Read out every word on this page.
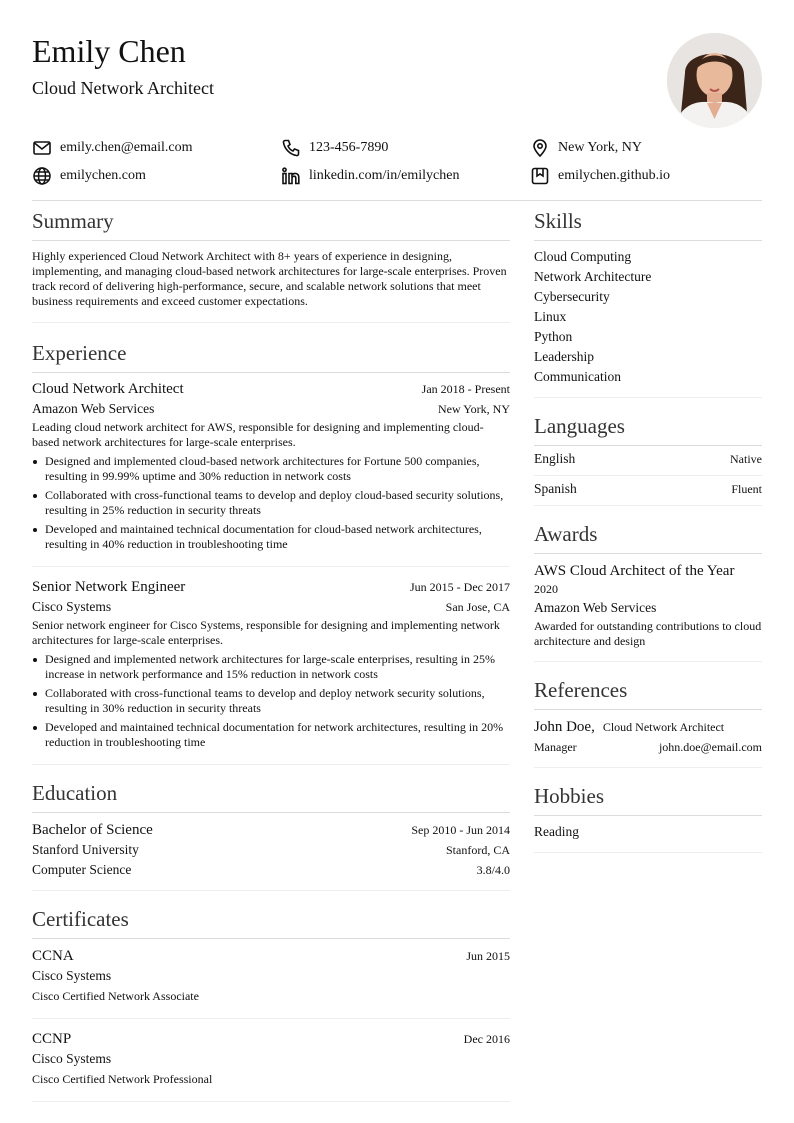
Emily Chen
Cloud Network Architect
emily.chen@email.com	123-456-7890	New York, NY
emilychen.com	linkedin.com/in/emilychen	emilychen.github.io
Summary
Highly experienced Cloud Network Architect with 8+ years of experience in designing, implementing, and managing cloud-based network architectures for large-scale enterprises. Proven track record of delivering high-performance, secure, and scalable network solutions that meet business requirements and exceed customer expectations.
Experience
Cloud Network Architect	Jan 2018 - Present
Amazon Web Services	New York, NY
Leading cloud network architect for AWS, responsible for designing and implementing cloud-based network architectures for large-scale enterprises.
Designed and implemented cloud-based network architectures for Fortune 500 companies, resulting in 99.99% uptime and 30% reduction in network costs
Collaborated with cross-functional teams to develop and deploy cloud-based security solutions, resulting in 25% reduction in security threats
Developed and maintained technical documentation for cloud-based network architectures, resulting in 40% reduction in troubleshooting time
Senior Network Engineer	Jun 2015 - Dec 2017
Cisco Systems	San Jose, CA
Senior network engineer for Cisco Systems, responsible for designing and implementing network architectures for large-scale enterprises.
Designed and implemented network architectures for large-scale enterprises, resulting in 25% increase in network performance and 15% reduction in network costs
Collaborated with cross-functional teams to develop and deploy network security solutions, resulting in 30% reduction in security threats
Developed and maintained technical documentation for network architectures, resulting in 20% reduction in troubleshooting time
Education
Bachelor of Science	Sep 2010 - Jun 2014
Stanford University	Stanford, CA
Computer Science	3.8/4.0
Certificates
CCNA	Jun 2015
Cisco Systems
Cisco Certified Network Associate
CCNP	Dec 2016
Cisco Systems
Cisco Certified Network Professional
Skills
Cloud Computing
Network Architecture
Cybersecurity
Linux
Python
Leadership
Communication
Languages
English	Native
Spanish	Fluent
Awards
AWS Cloud Architect of the Year
2020
Amazon Web Services
Awarded for outstanding contributions to cloud architecture and design
References
John Doe, Cloud Network Architect
Manager	john.doe@email.com
Hobbies
Reading
